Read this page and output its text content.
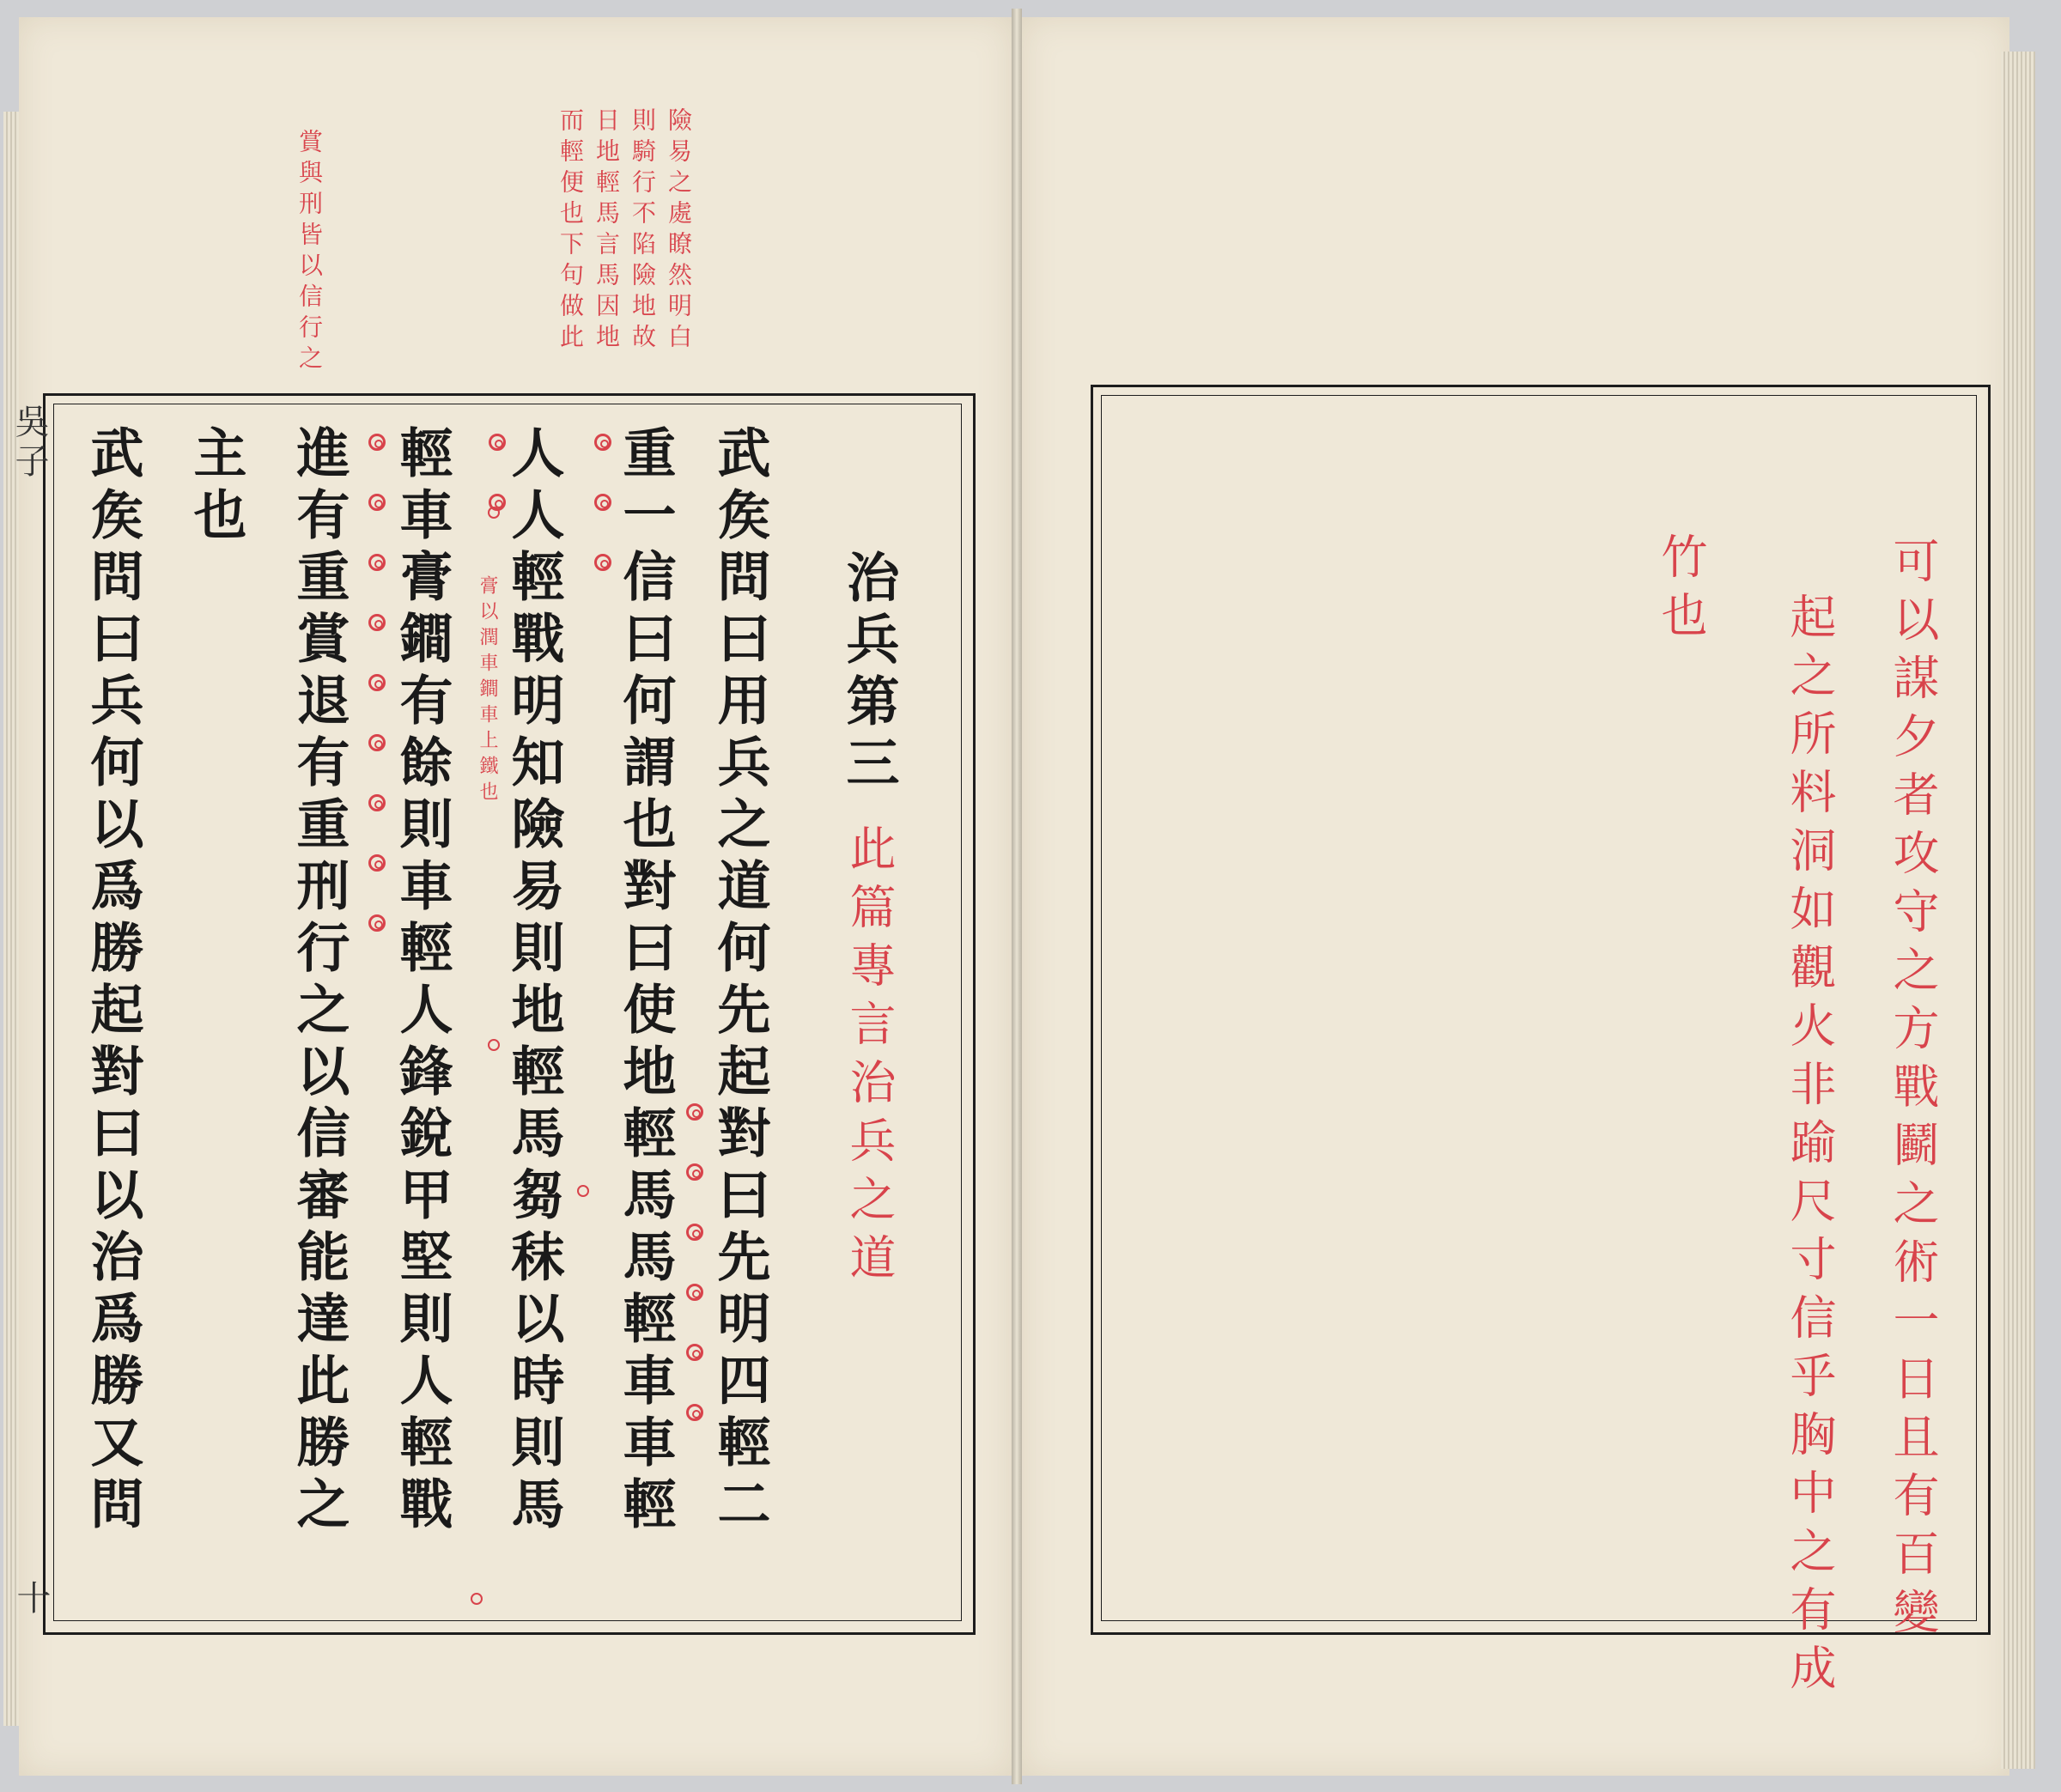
吳子
十
賞與刑皆以信行之	險易之處瞭然明白
則騎行不陷險地故
日地輕馬言馬因地
而輕便也下句做此
治兵第三
此篇專言治兵之道
武矦問曰用兵之道何先起對曰先明四輕二
重一信曰何謂也對曰使地輕馬馬輕車車輕
人人輕戰明知險易則地輕馬芻秣以時則馬
輕車膏鐧有餘則車輕人鋒銳甲堅則人輕戰
進有重賞退有重刑行之以信審能達此勝之
主也
武矦問曰兵何以爲勝起對曰以治爲勝又問	膏以潤車鐧車上鐵也	可以謀夕者攻守之方戰鬬之術一日且有百變
起之所料洞如觀火非踰尺寸信乎胸中之有成
竹也
